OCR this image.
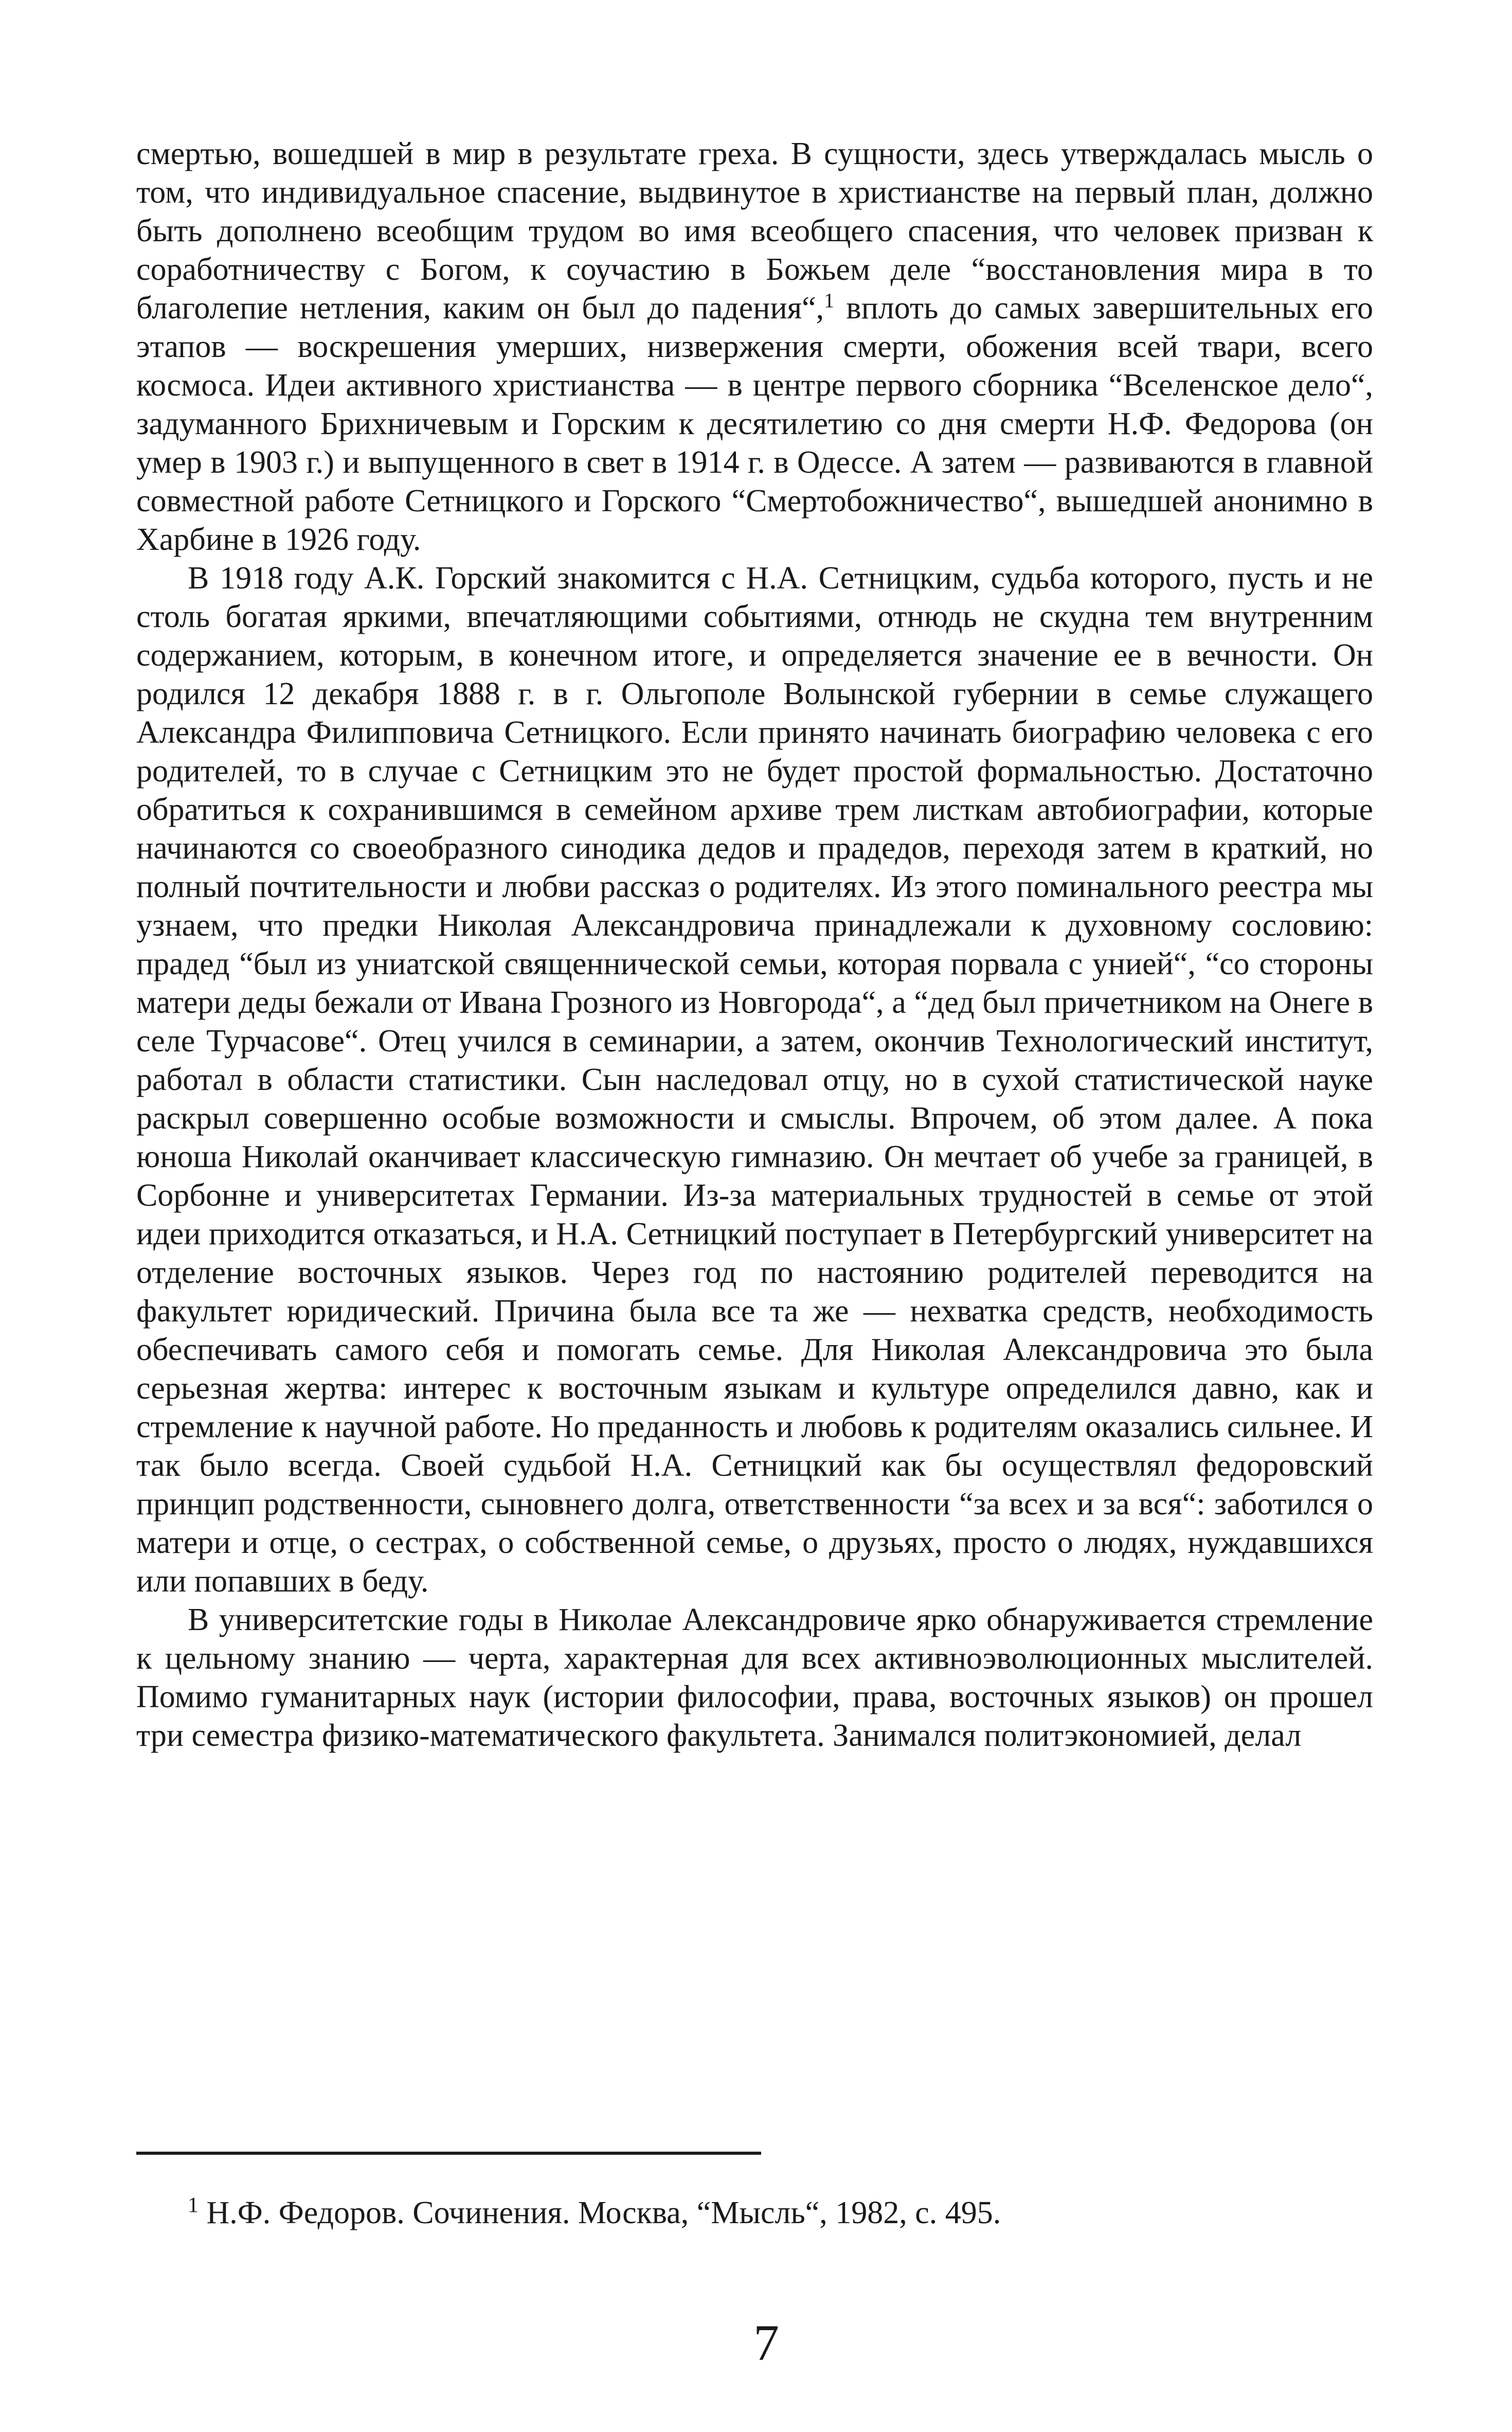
смертью, вошедшей в мир в результате греха. В сущности, здесь утверждалась мысль о том, что индивидуальное спасение, выдвинутое в христианстве на первый план, должно быть дополнено всеобщим трудом во имя всеобщего спасения, что человек призван к соработничеству с Богом, к соучастию в Божьем деле “восстановления мира в то благолепие нетления, каким он был до падения“,$^1$ вплоть до самых завершительных его этапов — воскрешения умерших, низвержения смерти, обожения всей твари, всего космоса. Идеи активного христианства — в центре первого сборника “Вселенское дело“, задуманного Брихничевым и Горским к десятилетию со дня смерти Н.Ф. Федорова (он умер в 1903 г.) и выпущенного в свет в 1914 г. в Одессе. А затем — развиваются в главной совместной работе Сетницкого и Горского “Смертобожничество“, вышедшей анонимно в Харбине в 1926 году.

В 1918 году А.К. Горский знакомится с Н.А. Сетницким, судьба которого, пусть и не столь богатая яркими, впечатляющими событиями, отнюдь не скудна тем внутренним содержанием, которым, в конечном итоге, и определяется значение ее в вечности. Он родился 12 декабря 1888 г. в г. Ольгополе Волынской губернии в семье служащего Александра Филипповича Сетницкого. Если принято начинать биографию человека с его родителей, то в случае с Сетницким это не будет простой формальностью. Достаточно обратиться к сохранившимся в семейном архиве трем листкам автобиографии, которые начинаются со своеобразного синодика дедов и прадедов, переходя затем в краткий, но полный почтительности и любви рассказ о родителях. Из этого поминального реестра мы узнаем, что предки Николая Александровича принадлежали к духовному сословию: прадед “был из униатской священнической семьи, которая порвала с унией“, “со стороны матери деды бежали от Ивана Грозного из Новгорода“, а “дед был причетником на Онеге в селе Турчасове“. Отец учился в семинарии, а затем, окончив Технологический институт, работал в области статистики. Сын наследовал отцу, но в сухой статистической науке раскрыл совершенно особые возможности и смыслы. Впрочем, об этом далее. А пока юноша Николай оканчивает классическую гимназию. Он мечтает об учебе за границей, в Сорбонне и университетах Германии. Из-за материальных трудностей в семье от этой идеи приходится отказаться, и Н.А. Сетницкий поступает в Петербургский университет на отделение восточных языков. Через год по настоянию родителей переводится на факультет юридический. Причина была все та же — нехватка средств, необходимость обеспечивать самого себя и помогать семье. Для Николая Александровича это была серьезная жертва: интерес к восточным языкам и культуре определился давно, как и стремление к научной работе. Но преданность и любовь к родителям оказались сильнее. И так было всегда. Своей судьбой Н.А. Сетницкий как бы осуществлял федоровский принцип родственности, сыновнего долга, ответственности “за всех и за вся“: заботился о матери и отце, о сестрах, о собственной семье, о друзьях, просто о людях, нуждавшихся или попавших в беду.

В университетские годы в Николае Александровиче ярко обнаруживается стремление к цельному знанию — черта, характерная для всех активноэволюционных мыслителей. Помимо гуманитарных наук (истории философии, права, восточных языков) он прошел три семестра физико-математического факультета. Занимался политэкономией, делал

$^1$ Н.Ф. Федоров. Сочинения. Москва, “Мысль“, 1982, с. 495.
7
